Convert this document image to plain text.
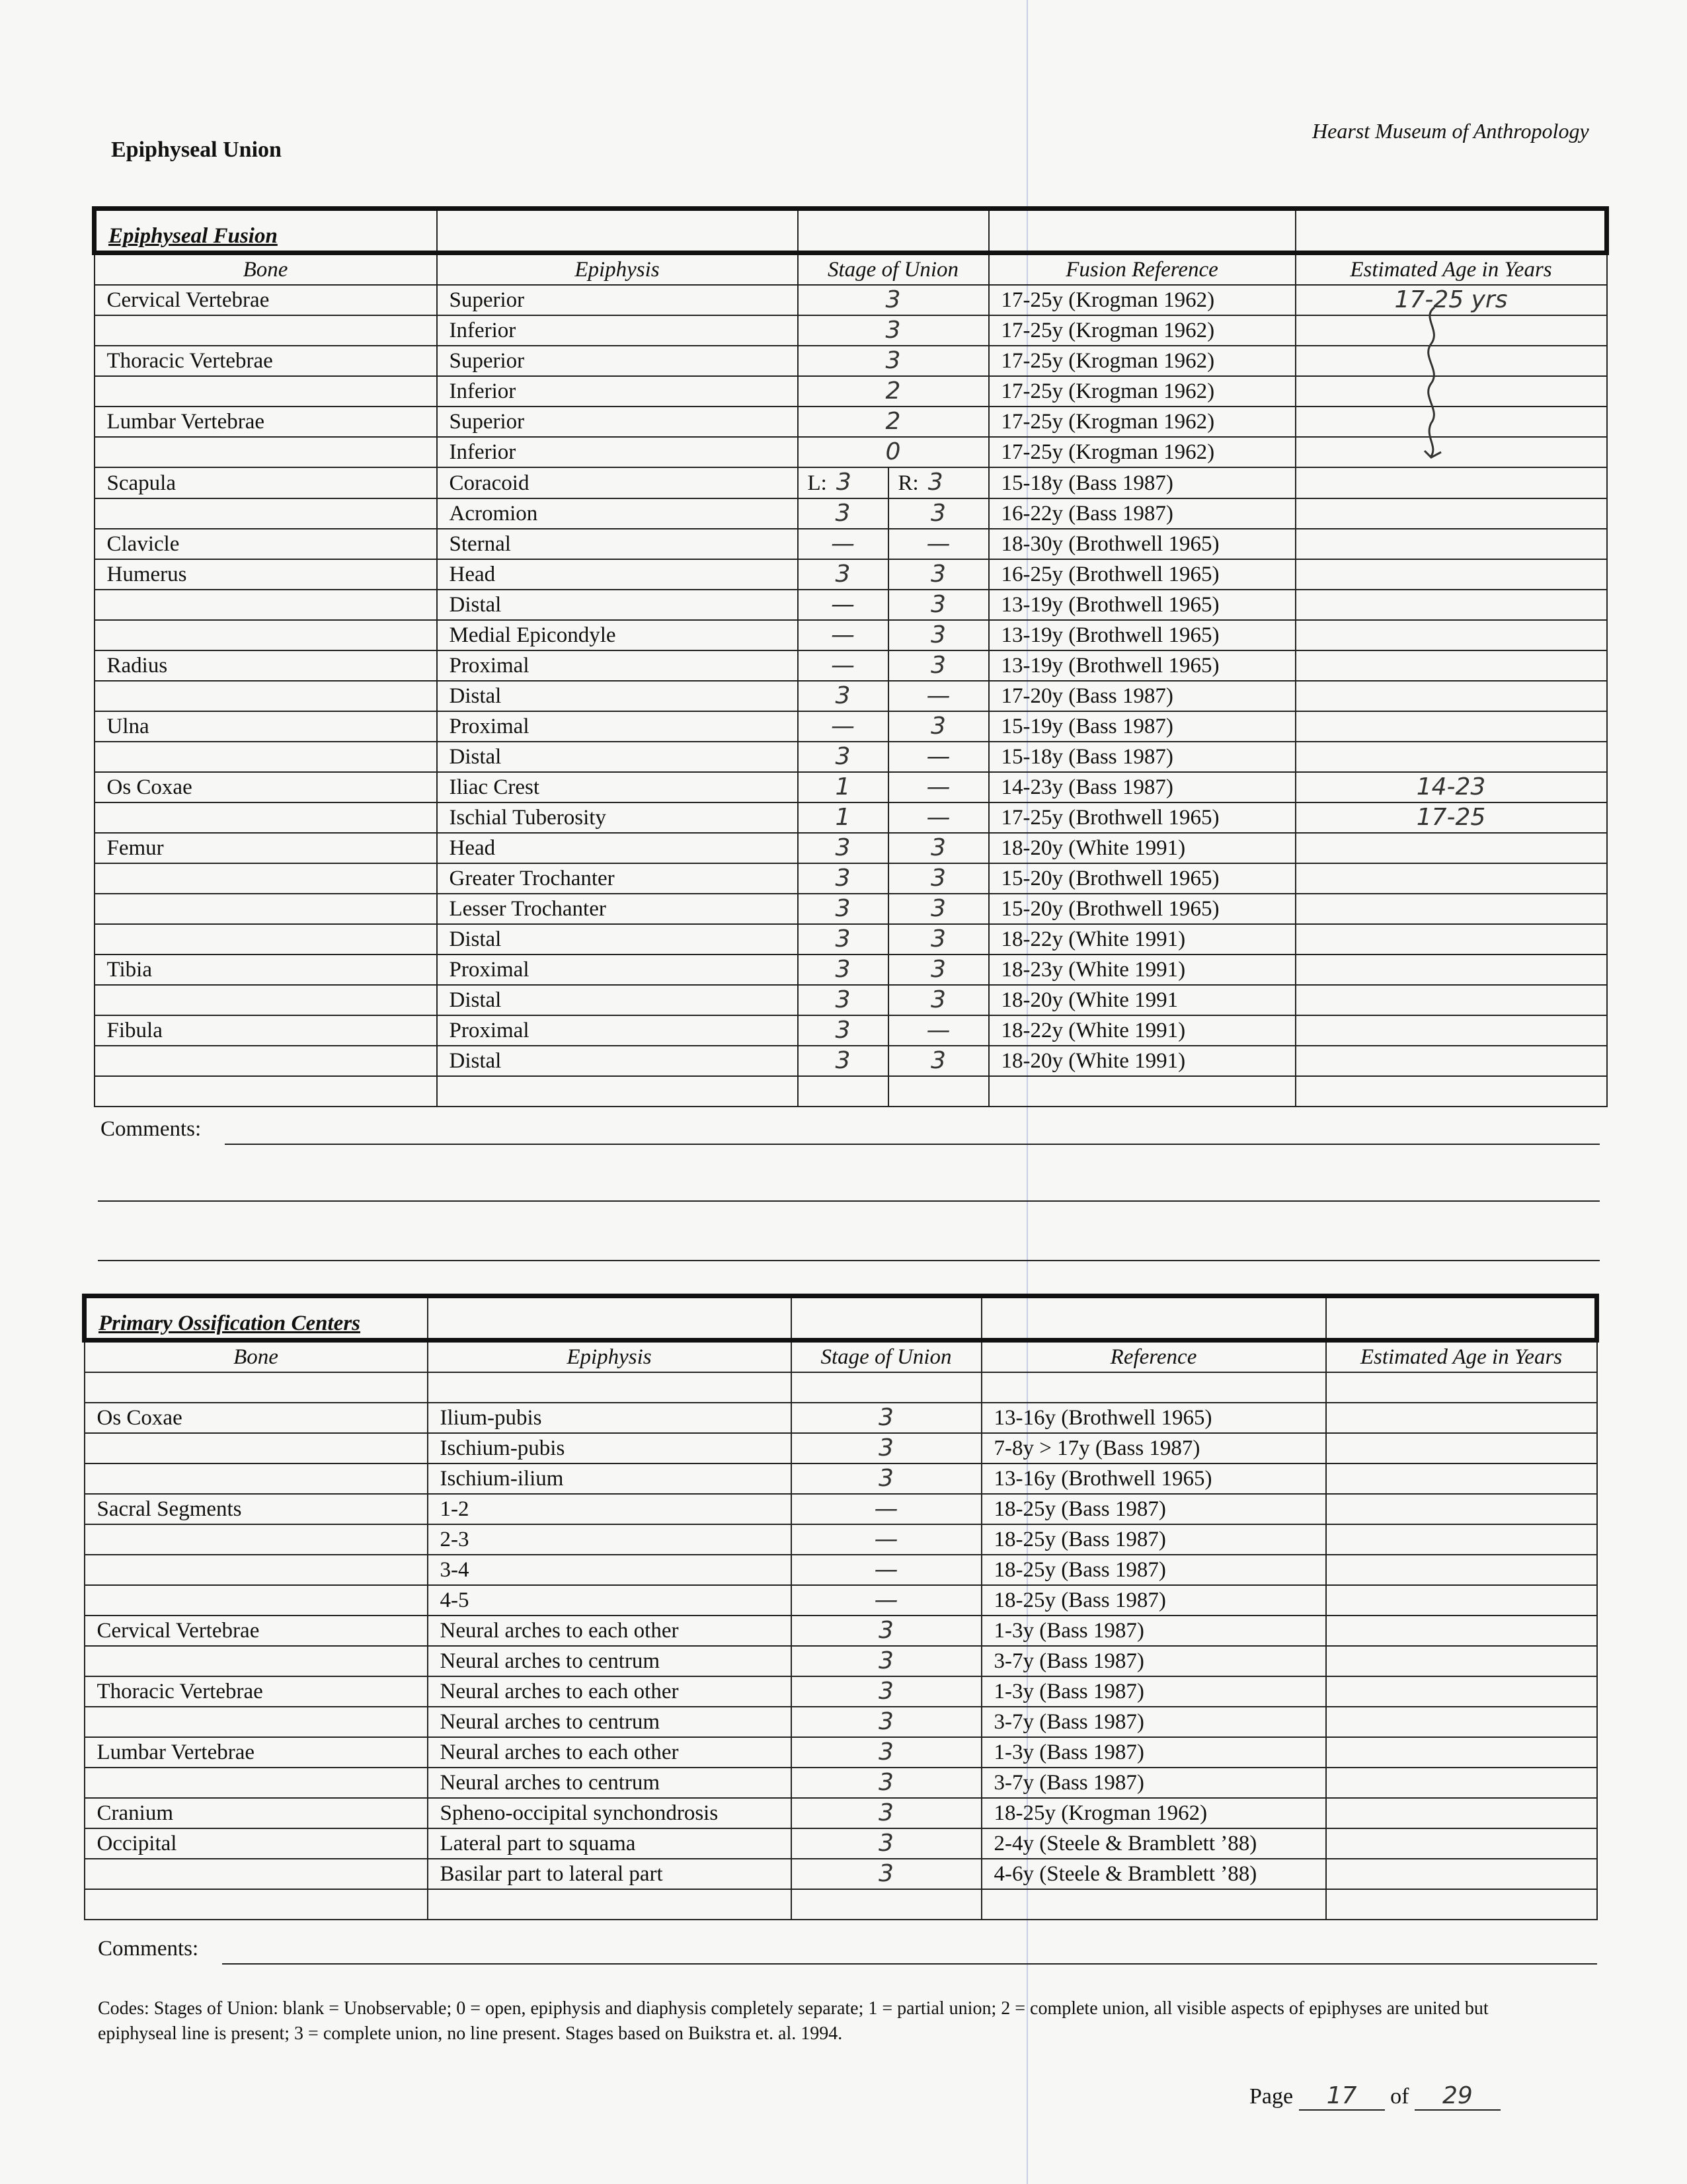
Epiphyseal Union
Hearst Museum of Anthropology
Epiphyseal Fusion					
Bone	Epiphysis	Stage of Union		Fusion Reference	Estimated Age in Years
Cervical Vertebrae	Superior	3		17-25y (Krogman 1962)	17-25 yrs
	Inferior	3		17-25y (Krogman 1962)	
Thoracic Vertebrae	Superior	3		17-25y (Krogman 1962)	
	Inferior	2		17-25y (Krogman 1962)	
Lumbar Vertebrae	Superior	2		17-25y (Krogman 1962)	
	Inferior	0		17-25y (Krogman 1962)	
Scapula	Coracoid	L: 3	R: 3	15-18y (Bass 1987)	
	Acromion	3	3	16-22y (Bass 1987)	
Clavicle	Sternal	—	—	18-30y (Brothwell 1965)	
Humerus	Head	3	3	16-25y (Brothwell 1965)	
	Distal	—	3	13-19y (Brothwell 1965)	
	Medial Epicondyle	—	3	13-19y (Brothwell 1965)	
Radius	Proximal	—	3	13-19y (Brothwell 1965)	
	Distal	3	—	17-20y (Bass 1987)	
Ulna	Proximal	—	3	15-19y (Bass 1987)	
	Distal	3	—	15-18y (Bass 1987)	
Os Coxae	Iliac Crest	1	—	14-23y (Bass 1987)	14-23
	Ischial Tuberosity	1	—	17-25y (Brothwell 1965)	17-25
Femur	Head	3	3	18-20y (White 1991)	
	Greater Trochanter	3	3	15-20y (Brothwell 1965)	
	Lesser Trochanter	3	3	15-20y (Brothwell 1965)	
	Distal	3	3	18-22y (White 1991)	
Tibia	Proximal	3	3	18-23y (White 1991)	
	Distal	3	3	18-20y (White 1991	
Fibula	Proximal	3	—	18-22y (White 1991)	
	Distal	3	3	18-20y (White 1991)	

Comments:
Primary Ossification Centers				
Bone	Epiphysis	Stage of Union	Reference	Estimated Age in Years

Os Coxae	Ilium-pubis	3	13-16y (Brothwell 1965)	
	Ischium-pubis	3	7-8y > 17y (Bass 1987)	
	Ischium-ilium	3	13-16y (Brothwell 1965)	
Sacral Segments	1-2	—	18-25y (Bass 1987)	
	2-3	—	18-25y (Bass 1987)	
	3-4	—	18-25y (Bass 1987)	
	4-5	—	18-25y (Bass 1987)	
Cervical Vertebrae	Neural arches to each other	3	1-3y (Bass 1987)	
	Neural arches to centrum	3	3-7y (Bass 1987)	
Thoracic Vertebrae	Neural arches to each other	3	1-3y (Bass 1987)	
	Neural arches to centrum	3	3-7y (Bass 1987)	
Lumbar Vertebrae	Neural arches to each other	3	1-3y (Bass 1987)	
	Neural arches to centrum	3	3-7y (Bass 1987)	
Cranium	Spheno-occipital synchondrosis	3	18-25y (Krogman 1962)	
Occipital	Lateral part to squama	3	2-4y (Steele & Bramblett ’88)	
	Basilar part to lateral part	3	4-6y (Steele & Bramblett ’88)	

Comments:
Codes: Stages of Union: blank = Unobservable; 0 = open, epiphysis and diaphysis completely separate; 1 = partial union; 2 = complete union, all visible aspects of epiphyses are united but epiphyseal line is present; 3 = complete union, no line present. Stages based on Buikstra et. al. 1994.
Page 17 of 29
